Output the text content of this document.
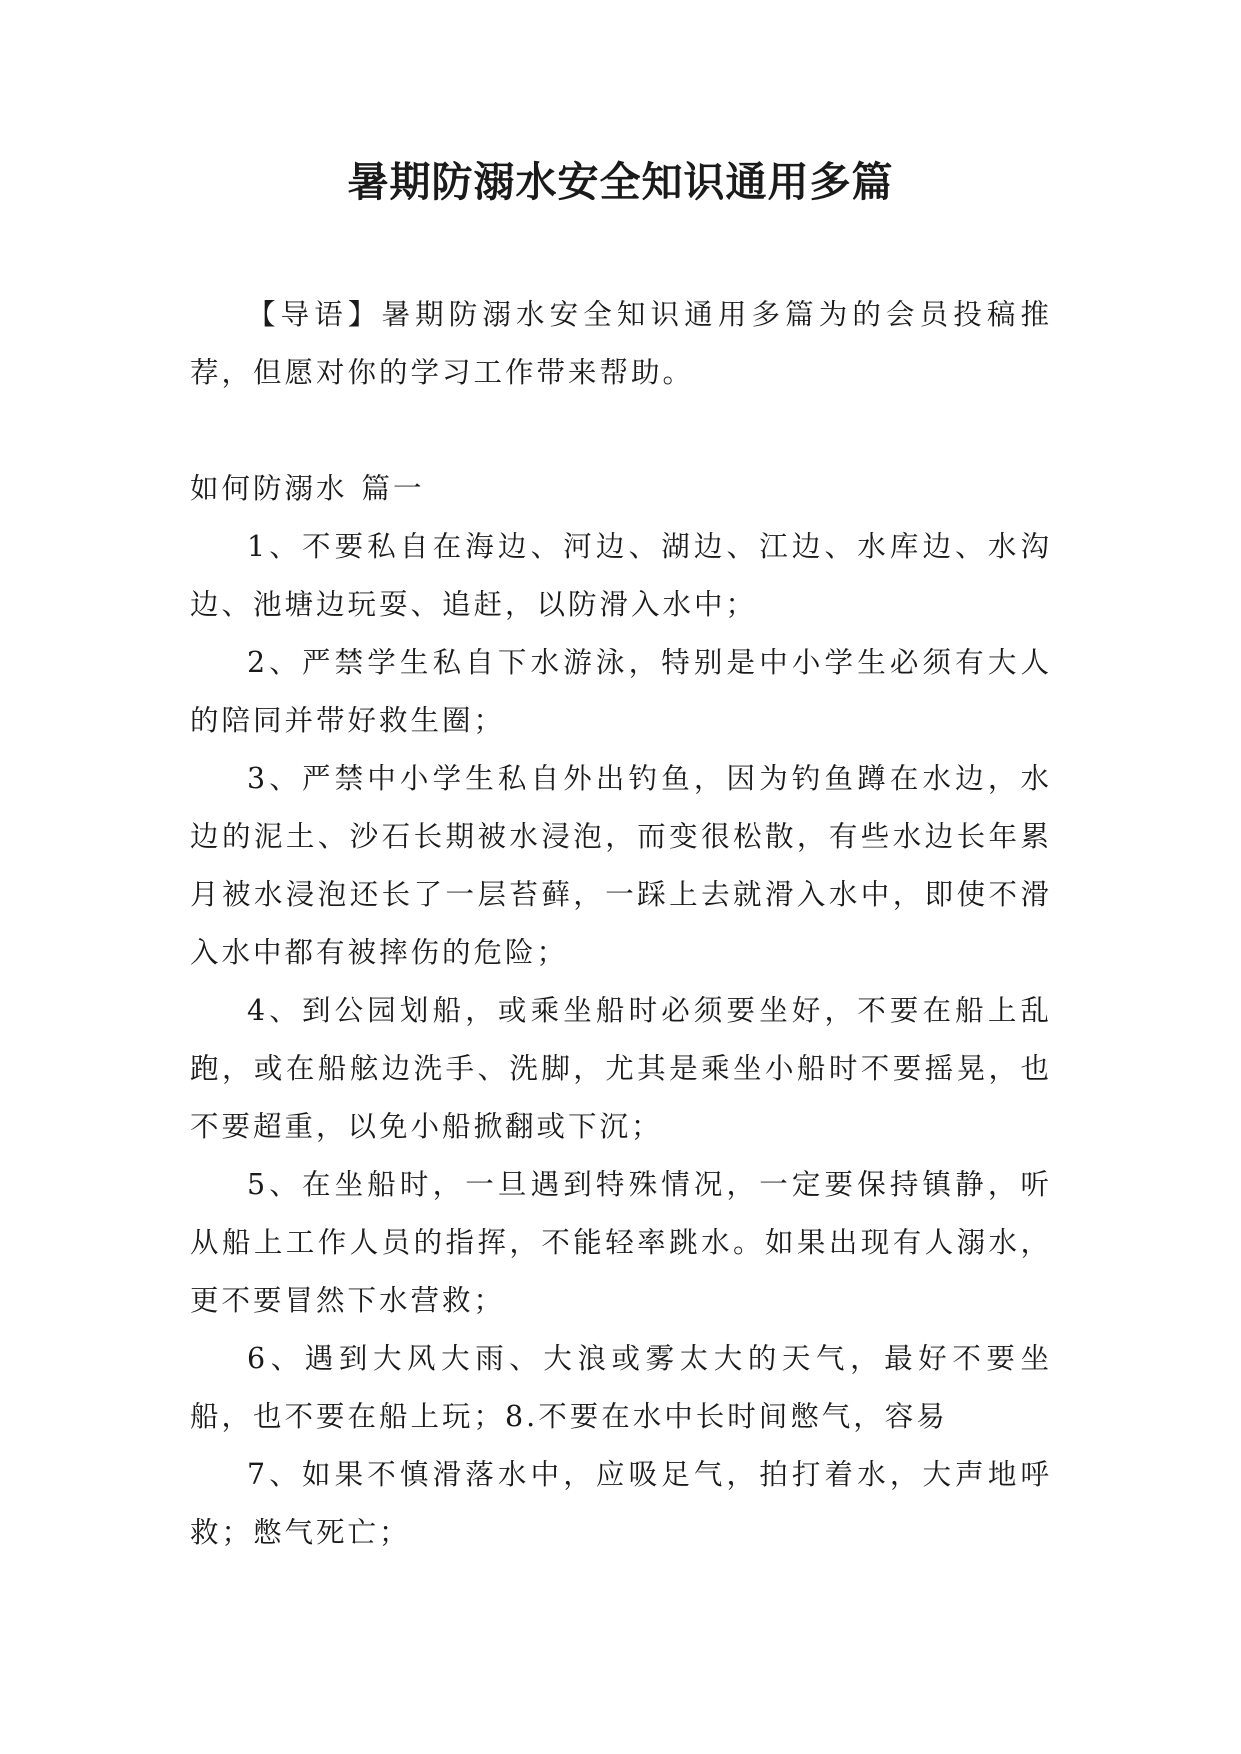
暑期防溺水安全知识通用多篇

【导语】暑期防溺水安全知识通用多篇为的会员投稿推荐，但愿对你的学习工作带来帮助。

如何防溺水 篇一

1、不要私自在海边、河边、湖边、江边、水库边、水沟边、池塘边玩耍、追赶，以防滑入水中；

2、严禁学生私自下水游泳，特别是中小学生必须有大人的陪同并带好救生圈；

3、严禁中小学生私自外出钓鱼，因为钓鱼蹲在水边，水边的泥土、沙石长期被水浸泡，而变很松散，有些水边长年累月被水浸泡还长了一层苔藓，一踩上去就滑入水中，即使不滑入水中都有被摔伤的危险；

4、到公园划船，或乘坐船时必须要坐好，不要在船上乱跑，或在船舷边洗手、洗脚，尤其是乘坐小船时不要摇晃，也不要超重，以免小船掀翻或下沉；

5、在坐船时，一旦遇到特殊情况，一定要保持镇静，听从船上工作人员的指挥，不能轻率跳水。如果出现有人溺水，更不要冒然下水营救；

6、遇到大风大雨、大浪或雾太大的天气，最好不要坐船，也不要在船上玩；8.不要在水中长时间憋气，容易

7、如果不慎滑落水中，应吸足气，拍打着水，大声地呼救；憋气死亡；
